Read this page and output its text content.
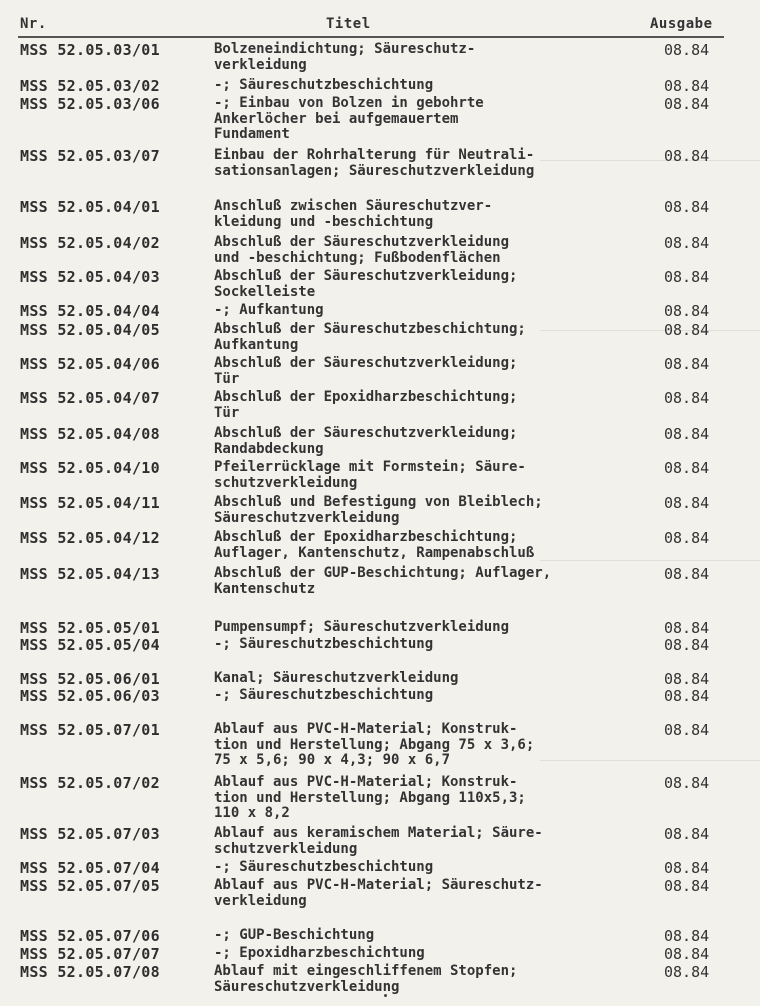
Nr.	Titel	Ausgabe
MSS 52.05.03/01	Bolzeneindichtung; Säureschutz-
verkleidung
08.84
MSS 52.05.03/02	-; Säureschutzbeschichtung	08.84
MSS 52.05.03/06	-; Einbau von Bolzen in gebohrte
Ankerlöcher bei aufgemauertem
Fundament
08.84
MSS 52.05.03/07	Einbau der Rohrhalterung für Neutrali-
sationsanlagen; Säureschutzverkleidung
08.84
MSS 52.05.04/01	Anschluß zwischen Säureschutzver-
kleidung und -beschichtung
08.84
MSS 52.05.04/02	Abschluß der Säureschutzverkleidung
und -beschichtung; Fußbodenflächen
08.84
MSS 52.05.04/03	Abschluß der Säureschutzverkleidung;
Sockelleiste
08.84
MSS 52.05.04/04	-; Aufkantung	08.84
MSS 52.05.04/05	Abschluß der Säureschutzbeschichtung;
Aufkantung
08.84
MSS 52.05.04/06	Abschluß der Säureschutzverkleidung;
Tür
08.84
MSS 52.05.04/07	Abschluß der Epoxidharzbeschichtung;
Tür
08.84
MSS 52.05.04/08	Abschluß der Säureschutzverkleidung;
Randabdeckung
08.84
MSS 52.05.04/10	Pfeilerrücklage mit Formstein; Säure-
schutzverkleidung
08.84
MSS 52.05.04/11	Abschluß und Befestigung von Bleiblech;
Säureschutzverkleidung
08.84
MSS 52.05.04/12	Abschluß der Epoxidharzbeschichtung;
Auflager, Kantenschutz, Rampenabschluß
08.84
MSS 52.05.04/13	Abschluß der GUP-Beschichtung; Auflager,
Kantenschutz
08.84
MSS 52.05.05/01	Pumpensumpf; Säureschutzverkleidung	08.84
MSS 52.05.05/04	-; Säureschutzbeschichtung	08.84
MSS 52.05.06/01	Kanal; Säureschutzverkleidung	08.84
MSS 52.05.06/03	-; Säureschutzbeschichtung	08.84
MSS 52.05.07/01	Ablauf aus PVC-H-Material; Konstruk-
tion und Herstellung; Abgang 75 x 3,6;
75 x 5,6; 90 x 4,3; 90 x 6,7
08.84
MSS 52.05.07/02	Ablauf aus PVC-H-Material; Konstruk-
tion und Herstellung; Abgang 110x5,3;
110 x 8,2
08.84
MSS 52.05.07/03	Ablauf aus keramischem Material; Säure-
schutzverkleidung
08.84
MSS 52.05.07/04	-; Säureschutzbeschichtung	08.84
MSS 52.05.07/05	Ablauf aus PVC-H-Material; Säureschutz-
verkleidung
08.84
MSS 52.05.07/06	-; GUP-Beschichtung	08.84
MSS 52.05.07/07	-; Epoxidharzbeschichtung	08.84
MSS 52.05.07/08	Ablauf mit eingeschliffenem Stopfen;
Säureschutzverkleidung
08.84
